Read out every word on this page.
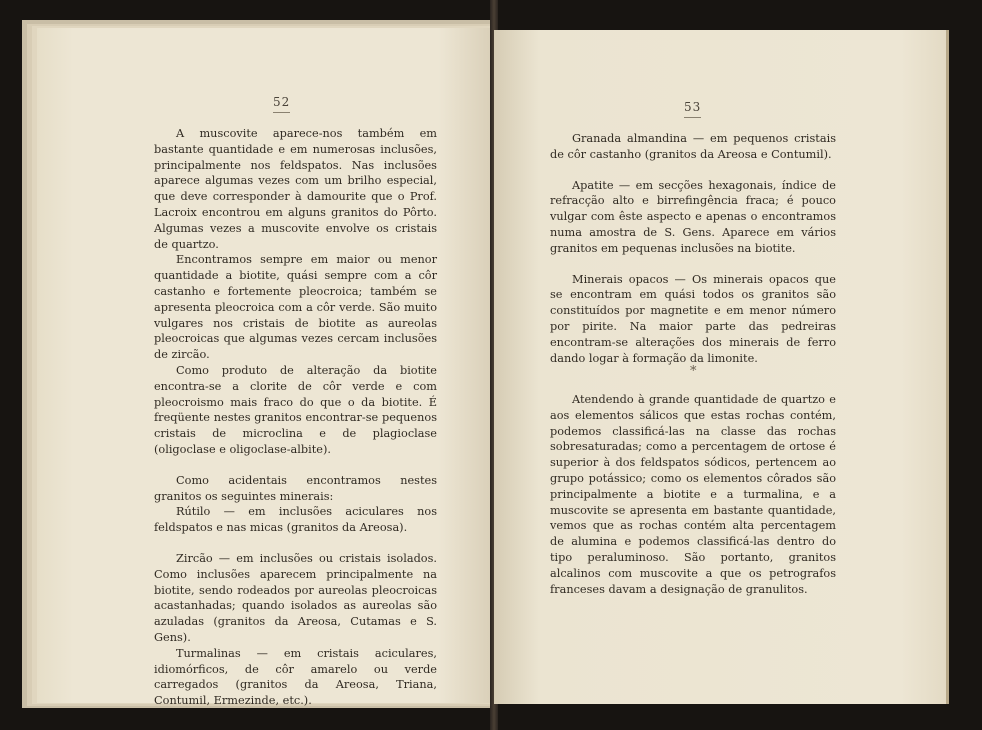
52

A muscovite aparece-nos também em bastante quantidade e em numerosas inclusões, principalmente nos feldspatos. Nas inclusões aparece algumas vezes com um brilho especial, que deve corresponder à damourite que o Prof. Lacroix encontrou em alguns granitos do Pôrto. Algumas vezes a muscovite envolve os cristais de quartzo.

Encontramos sempre em maior ou menor quantidade a biotite, quási sempre com a côr castanho e fortemente pleocroica; também se apresenta pleocroica com a côr verde. São muito vulgares nos cristais de biotite as aureolas pleocroicas que algumas vezes cercam inclusões de zircão.

Como produto de alteração da biotite encontra-se a clorite de côr verde e com pleocroismo mais fraco do que o da biotite. É freqüente nestes granitos encontrar-se pequenos cristais de microclina e de plagioclase (oligoclase e oligoclase-albite).

Como acidentais encontramos nestes granitos os seguintes minerais:

Rútilo — em inclusões aciculares nos feldspatos e nas micas (granitos da Areosa).

Zircão — em inclusões ou cristais isolados. Como inclusões aparecem principalmente na biotite, sendo rodeados por aureolas pleocroicas acastanhadas; quando isolados as aureolas são azuladas (granitos da Areosa, Cutamas e S. Gens).

Turmalinas — em cristais aciculares, idiomórficos, de côr amarelo ou verde carregados (granitos da Areosa, Triana, Contumil, Ermezinde, etc.).

53

Granada almandina — em pequenos cristais de côr castanho (granitos da Areosa e Contumil).

Apatite — em secções hexagonais, índice de refracção alto e birrefingência fraca; é pouco vulgar com êste aspecto e apenas o encontramos numa amostra de S. Gens. Aparece em vários granitos em pequenas inclusões na biotite.

Minerais opacos — Os minerais opacos que se encontram em quási todos os granitos são constituídos por magnetite e em menor número por pirite. Na maior parte das pedreiras encontram-se alterações dos minerais de ferro dando logar à formação da limonite.

*

Atendendo à grande quantidade de quartzo e aos elementos sálicos que estas rochas contém, podemos classificá-las na classe das rochas sobresaturadas; como a percentagem de ortose é superior à dos feldspatos sódicos, pertencem ao grupo potássico; como os elementos côrados são principalmente a biotite e a turmalina, e a muscovite se apresenta em bastante quantidade, vemos que as rochas contém alta percentagem de alumina e podemos classificá-las dentro do tipo peraluminoso. São portanto, granitos alcalinos com muscovite a que os petrografos franceses davam a designação de granulitos.
